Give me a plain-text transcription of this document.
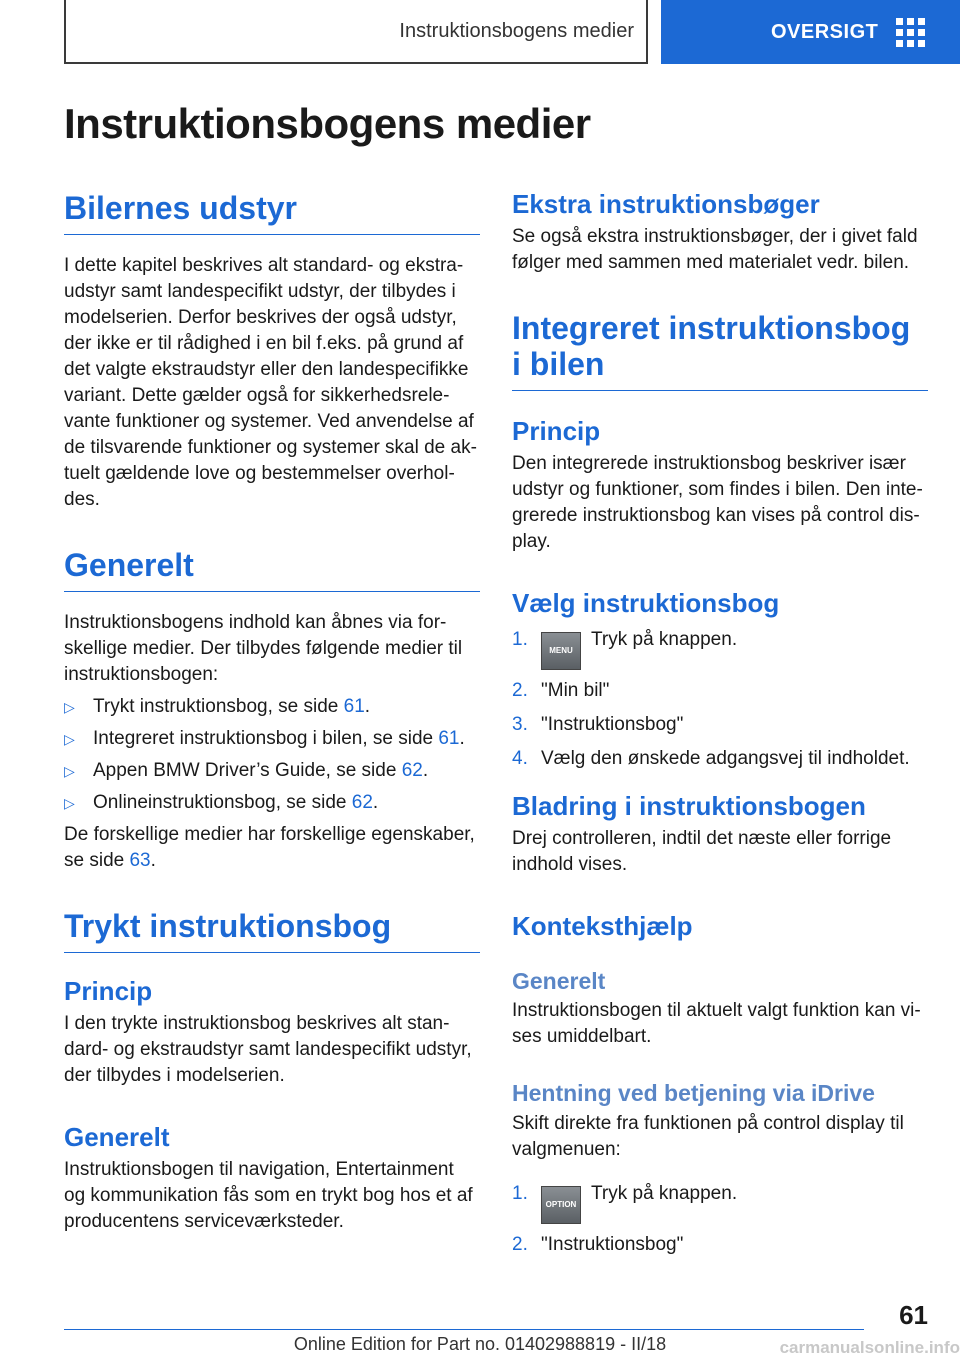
Instruktionsbogens medier	OVERSIGT
Instruktionsbogens medier
Bilernes udstyr

I dette kapitel beskrives alt standard- og ekstraudstyr samt landespecifikt udstyr, der tilbydes i modelserien. Derfor beskrives der også udstyr, der ikke er til rådighed i en bil f.eks. på grund af det valgte ekstraudstyr eller den landespecifikke variant. Dette gælder også for sikkerhedsrelevante funktioner og systemer. Ved anvendelse af de tilsvarende funktioner og systemer skal de aktuelt gældende love og bestemmelser overholdes.

Generelt

Instruktionsbogens indhold kan åbnes via forskellige medier. Der tilbydes følgende medier til instruktionsbogen:

▷ Trykt instruktionsbog, se side 61.
▷ Integreret instruktionsbog i bilen, se side 61.
▷ Appen BMW Driver’s Guide, se side 62.
▷ Onlineinstruktionsbog, se side 62.

De forskellige medier har forskellige egenskaber, se side 63.

Trykt instruktionsbog
Princip

I den trykte instruktionsbog beskrives alt standard- og ekstraudstyr samt landespecifikt udstyr, der tilbydes i modelserien.

Generelt

Instruktionsbogen til navigation, Entertainment og kommunikation fås som en trykt bog hos et af producentens serviceværksteder.

Ekstra instruktionsbøger

Se også ekstra instruktionsbøger, der i givet fald følger med sammen med materialet vedr. bilen.

Integreret instruktionsbog i bilen
Princip

Den integrerede instruktionsbog beskriver især udstyr og funktioner, som findes i bilen. Den integrerede instruktionsbog kan vises på control display.

Vælg instruktionsbog
1.
MENUTryk på knappen.
2. "Min bil"
3. "Instruktionsbog"
4. Vælg den ønskede adgangsvej til indholdet.
Bladring i instruktionsbogen

Drej controlleren, indtil det næste eller forrige indhold vises.

Konteksthjælp
Generelt

Instruktionsbogen til aktuelt valgt funktion kan vises umiddelbart.

Hentning ved betjening via iDrive

Skift direkte fra funktionen på control display til valgmenuen:

1.
OPTIONTryk på knappen.
2. "Instruktionsbog"
61
Online Edition for Part no. 01402988819 - II/18	carmanualsonline.info
